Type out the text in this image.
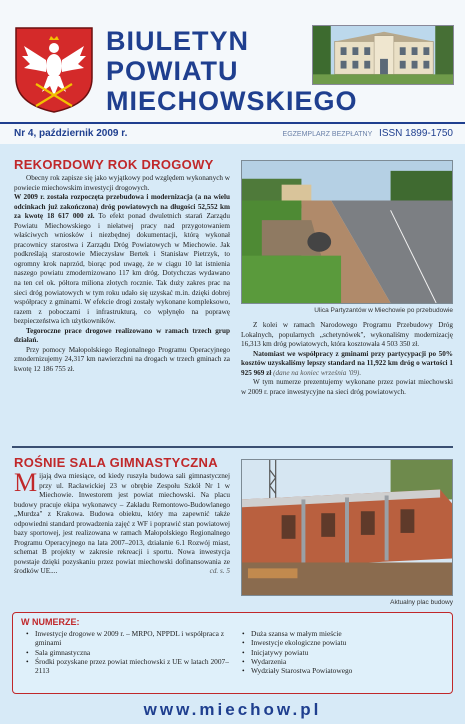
BIULETYN
POWIATU
MIECHOWSKIEGO
Nr 4, październik 2009 r.	EGZEMPLARZ BEZPŁATNY ISSN 1899-1750
REKORDOWY ROK DROGOWY
Obecny rok zapisze się jako wyjątkowy pod względem wykonanych w powiecie miechowskim inwestycji drogowych.
W 2009 r. została rozpoczęta przebudowa i modernizacja (a na wielu odcinkach już zakończona) dróg powiatowych na długości 52,552 km za kwotę 18 617 000 zł. To efekt ponad dwuletnich starań Zarządu Powiatu Miechowskiego i niełatwej pracy nad przygotowaniem właściwych wniosków i niezbędnej dokumentacji, którą wykonał pracownicy starostwa i Zarządu Dróg Powiatowych w Miechowie. Jak podkreślają starostowie Mieczysław Bertek i Stanisław Pietrzyk, to ogromny krok naprzód, biorąc pod uwagę, że w ciągu 10 lat istnienia naszego powiatu zmodernizowano 117 km dróg. Dotychczas wydawano na ten cel ok. półtora miliona złotych rocznie. Tak duży zakres prac na sieci dróg powiatowych w tym roku udało się uzyskać m.in. dzięki dobrej współpracy z gminami. W efekcie drogi zostały wykonane kompleksowo, razem z poboczami i infrastrukturą, co wpłynęło na poprawę bezpieczeństwa ich użytkowników.
Tegoroczne prace drogowe realizowano w ramach trzech grup działań.
Przy pomocy Małopolskiego Regionalnego Programu Operacyjnego zmodernizujemy 24,317 km nawierzchni na drogach w trzech gminach za kwotę 12 186 755 zł.
Ulica Partyzantów w Miechowie po przebudowie
Z kolei w ramach Narodowego Programu Przebudowy Dróg Lokalnych, popularnych „schetynówek", wykonaliśmy modernizację 16,313 km dróg powiatowych, która kosztowała 4 503 350 zł.
Natomiast we współpracy z gminami przy partycypacji po 50% kosztów uzyskaliśmy lepszy standard na 11,922 km dróg o wartości 1 925 969 zł (dane na koniec września '09).
W tym numerze prezentujemy wykonane przez powiat miechowski w 2009 r. prace inwestycyjne na sieci dróg powiatowych.
ROŚNIE SALA GIMNASTYCZNA
Mijają dwa miesiące, od kiedy ruszyła budowa sali gimnastycznej przy ul. Racławickiej 23 w obrębie Zespołu Szkół Nr 1 w Miechowie. Inwestorem jest powiat miechowski. Na placu budowy pracuje ekipa wykonawcy – Zakładu Remontowo-Budowlanego „Murdza" z Krakowa. Budowa obiektu, który ma zapewnić także odpowiedni standard prowadzenia zajęć z WF i poprawić stan powiatowej bazy sportowej, jest realizowana w ramach Małopolskiego Regionalnego Programu Operacyjnego na lata 2007–2013, działanie 6.1 Rozwój miast, schemat B projekty w zakresie rekreacji i sportu. Nowa inwestycja powstaje dzięki pozyskaniu przez powiat miechowski dofinansowania ze środków UE....	cd. s. 5
Aktualny plac budowy
W NUMERZE:
• Inwestycje drogowe w 2009 r. – MRPO, NPPDL i współpraca z gminami
• Sala gimnastyczna
• Środki pozyskane przez powiat miechowski z UE w latach 2007–2113
• Duża szansa w małym mieście
• Inwestycje ekologiczne powiatu
• Inicjatywy powiatu
• Wydarzenia
• Wydziały Starostwa Powiatowego
www.miechow.pl
